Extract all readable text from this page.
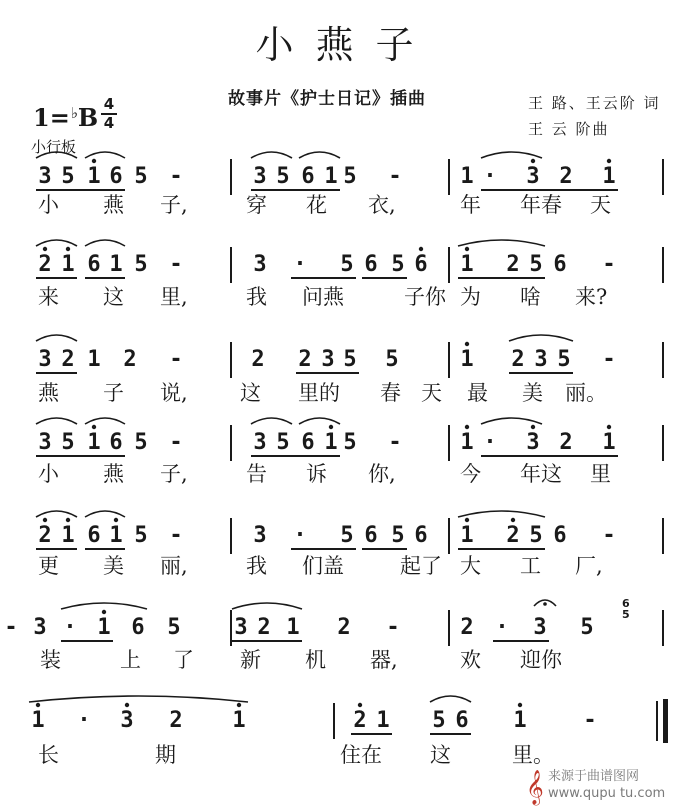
小燕子
故事片《护士日记》插曲	王 路、王云阶 词
王 云 阶曲
1=♭B 4
4
小行板
3 5 1 6 5 -	3 5 6 1 5 -	1 · 3 2 1
小 燕 子,	穿 花 衣,	年 年春 天
2 1 6 1 5 -	3 · 5 6 5 6 1 2 5 6 -
来 这 里,	我 问燕	子你 为 啥 来?
3 2 1 2 -	2 2 3 5 5	1 2 3 5 -
燕 子 说, 这 里的 春 天 最 美 丽。
3 5 1 6 5 -	3 5 6 1 5 -	1 · 3 2 1
小 燕 子,	告 诉 你,	今 年这 里
2 1 6 1 5 -	3 · 5 6 5 6 1 2 5 6 -
更 美 丽,	我 们盖	起了 大 工 厂,
3 · 1 6 5 3 2 1 2 -	2 · 3 5
-
装	上 了 新 机 器,	欢 迎你
1 · 3 2 1	2 1 5 6 1	-
长	期	住在 这	里。
6
5
𝄞 来源于曲谱图网
www.qupu tu.com
